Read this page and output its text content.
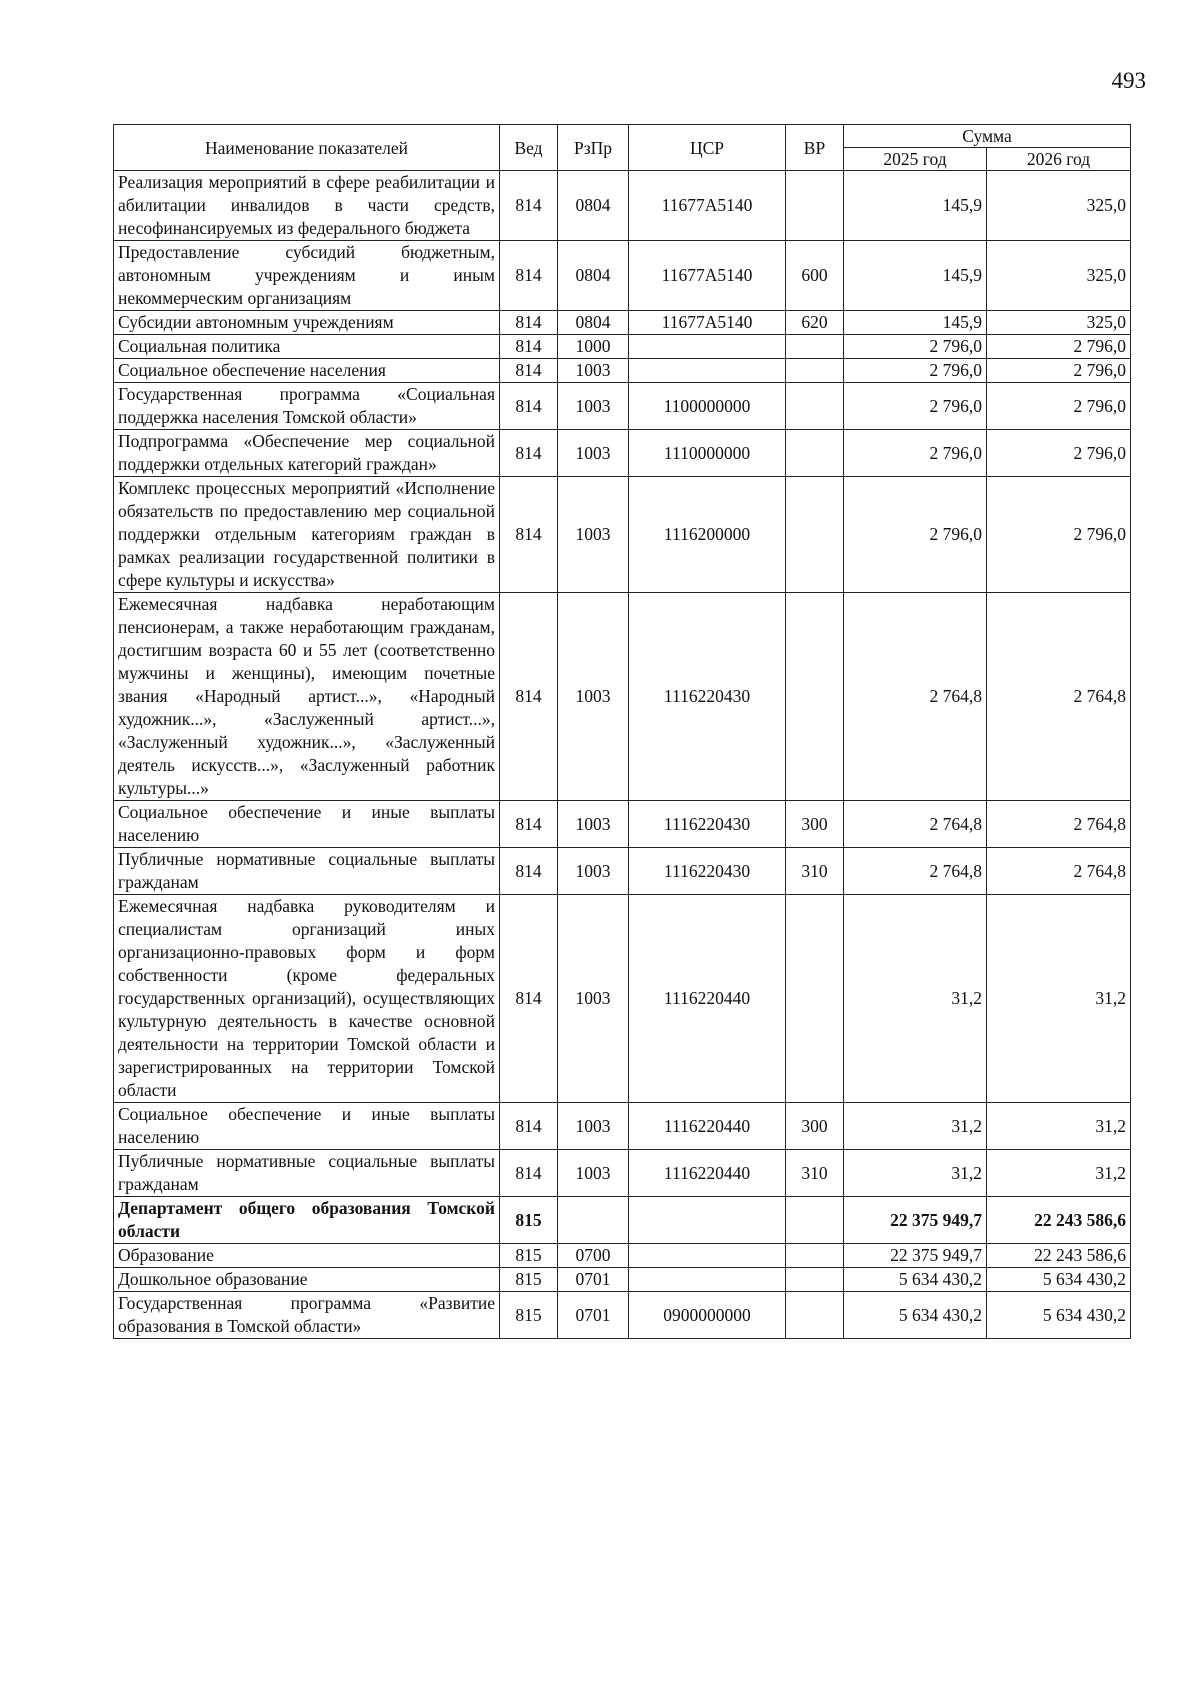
493
Наименование показателей	Вед	РзПр	ЦСР	ВР	Сумма	
					2025 год	2026 год
Реализация мероприятий в сфере реабилитации и абилитации инвалидов в части средств, несофинансируемых из федерального бюджета	814	0804	11677А5140		145,9	325,0
Предоставление субсидий бюджетным, автономным учреждениям и иным некоммерческим организациям	814	0804	11677А5140	600	145,9	325,0
Субсидии автономным учреждениям	814	0804	11677А5140	620	145,9	325,0
Социальная политика	814	1000			2 796,0	2 796,0
Социальное обеспечение населения	814	1003			2 796,0	2 796,0
Государственная программа «Социальная поддержка населения Томской области»	814	1003	1100000000		2 796,0	2 796,0
Подпрограмма «Обеспечение мер социальной поддержки отдельных категорий граждан»	814	1003	1110000000		2 796,0	2 796,0
Комплекс процессных мероприятий «Исполнение обязательств по предоставлению мер социальной поддержки отдельным категориям граждан в рамках реализации государственной политики в сфере культуры и искусства»	814	1003	1116200000		2 796,0	2 796,0
Ежемесячная надбавка неработающим пенсионерам, а также неработающим гражданам, достигшим возраста 60 и 55 лет (соответственно мужчины и женщины), имеющим почетные звания «Народный артист...», «Народный художник...», «Заслуженный артист...», «Заслуженный художник...», «Заслуженный деятель искусств...», «Заслуженный работник культуры...»	814	1003	1116220430		2 764,8	2 764,8
Социальное обеспечение и иные выплаты населению	814	1003	1116220430	300	2 764,8	2 764,8
Публичные нормативные социальные выплаты гражданам	814	1003	1116220430	310	2 764,8	2 764,8
Ежемесячная надбавка руководителям и специалистам организаций иных организационно-правовых форм и форм собственности (кроме федеральных государственных организаций), осуществляющих культурную деятельность в качестве основной деятельности на территории Томской области и зарегистрированных на территории Томской области	814	1003	1116220440		31,2	31,2
Социальное обеспечение и иные выплаты населению	814	1003	1116220440	300	31,2	31,2
Публичные нормативные социальные выплаты гражданам	814	1003	1116220440	310	31,2	31,2
Департамент общего образования Томской области	815				22 375 949,7	22 243 586,6
Образование	815	0700			22 375 949,7	22 243 586,6
Дошкольное образование	815	0701			5 634 430,2	5 634 430,2
Государственная программа «Развитие образования в Томской области»	815	0701	0900000000		5 634 430,2	5 634 430,2
